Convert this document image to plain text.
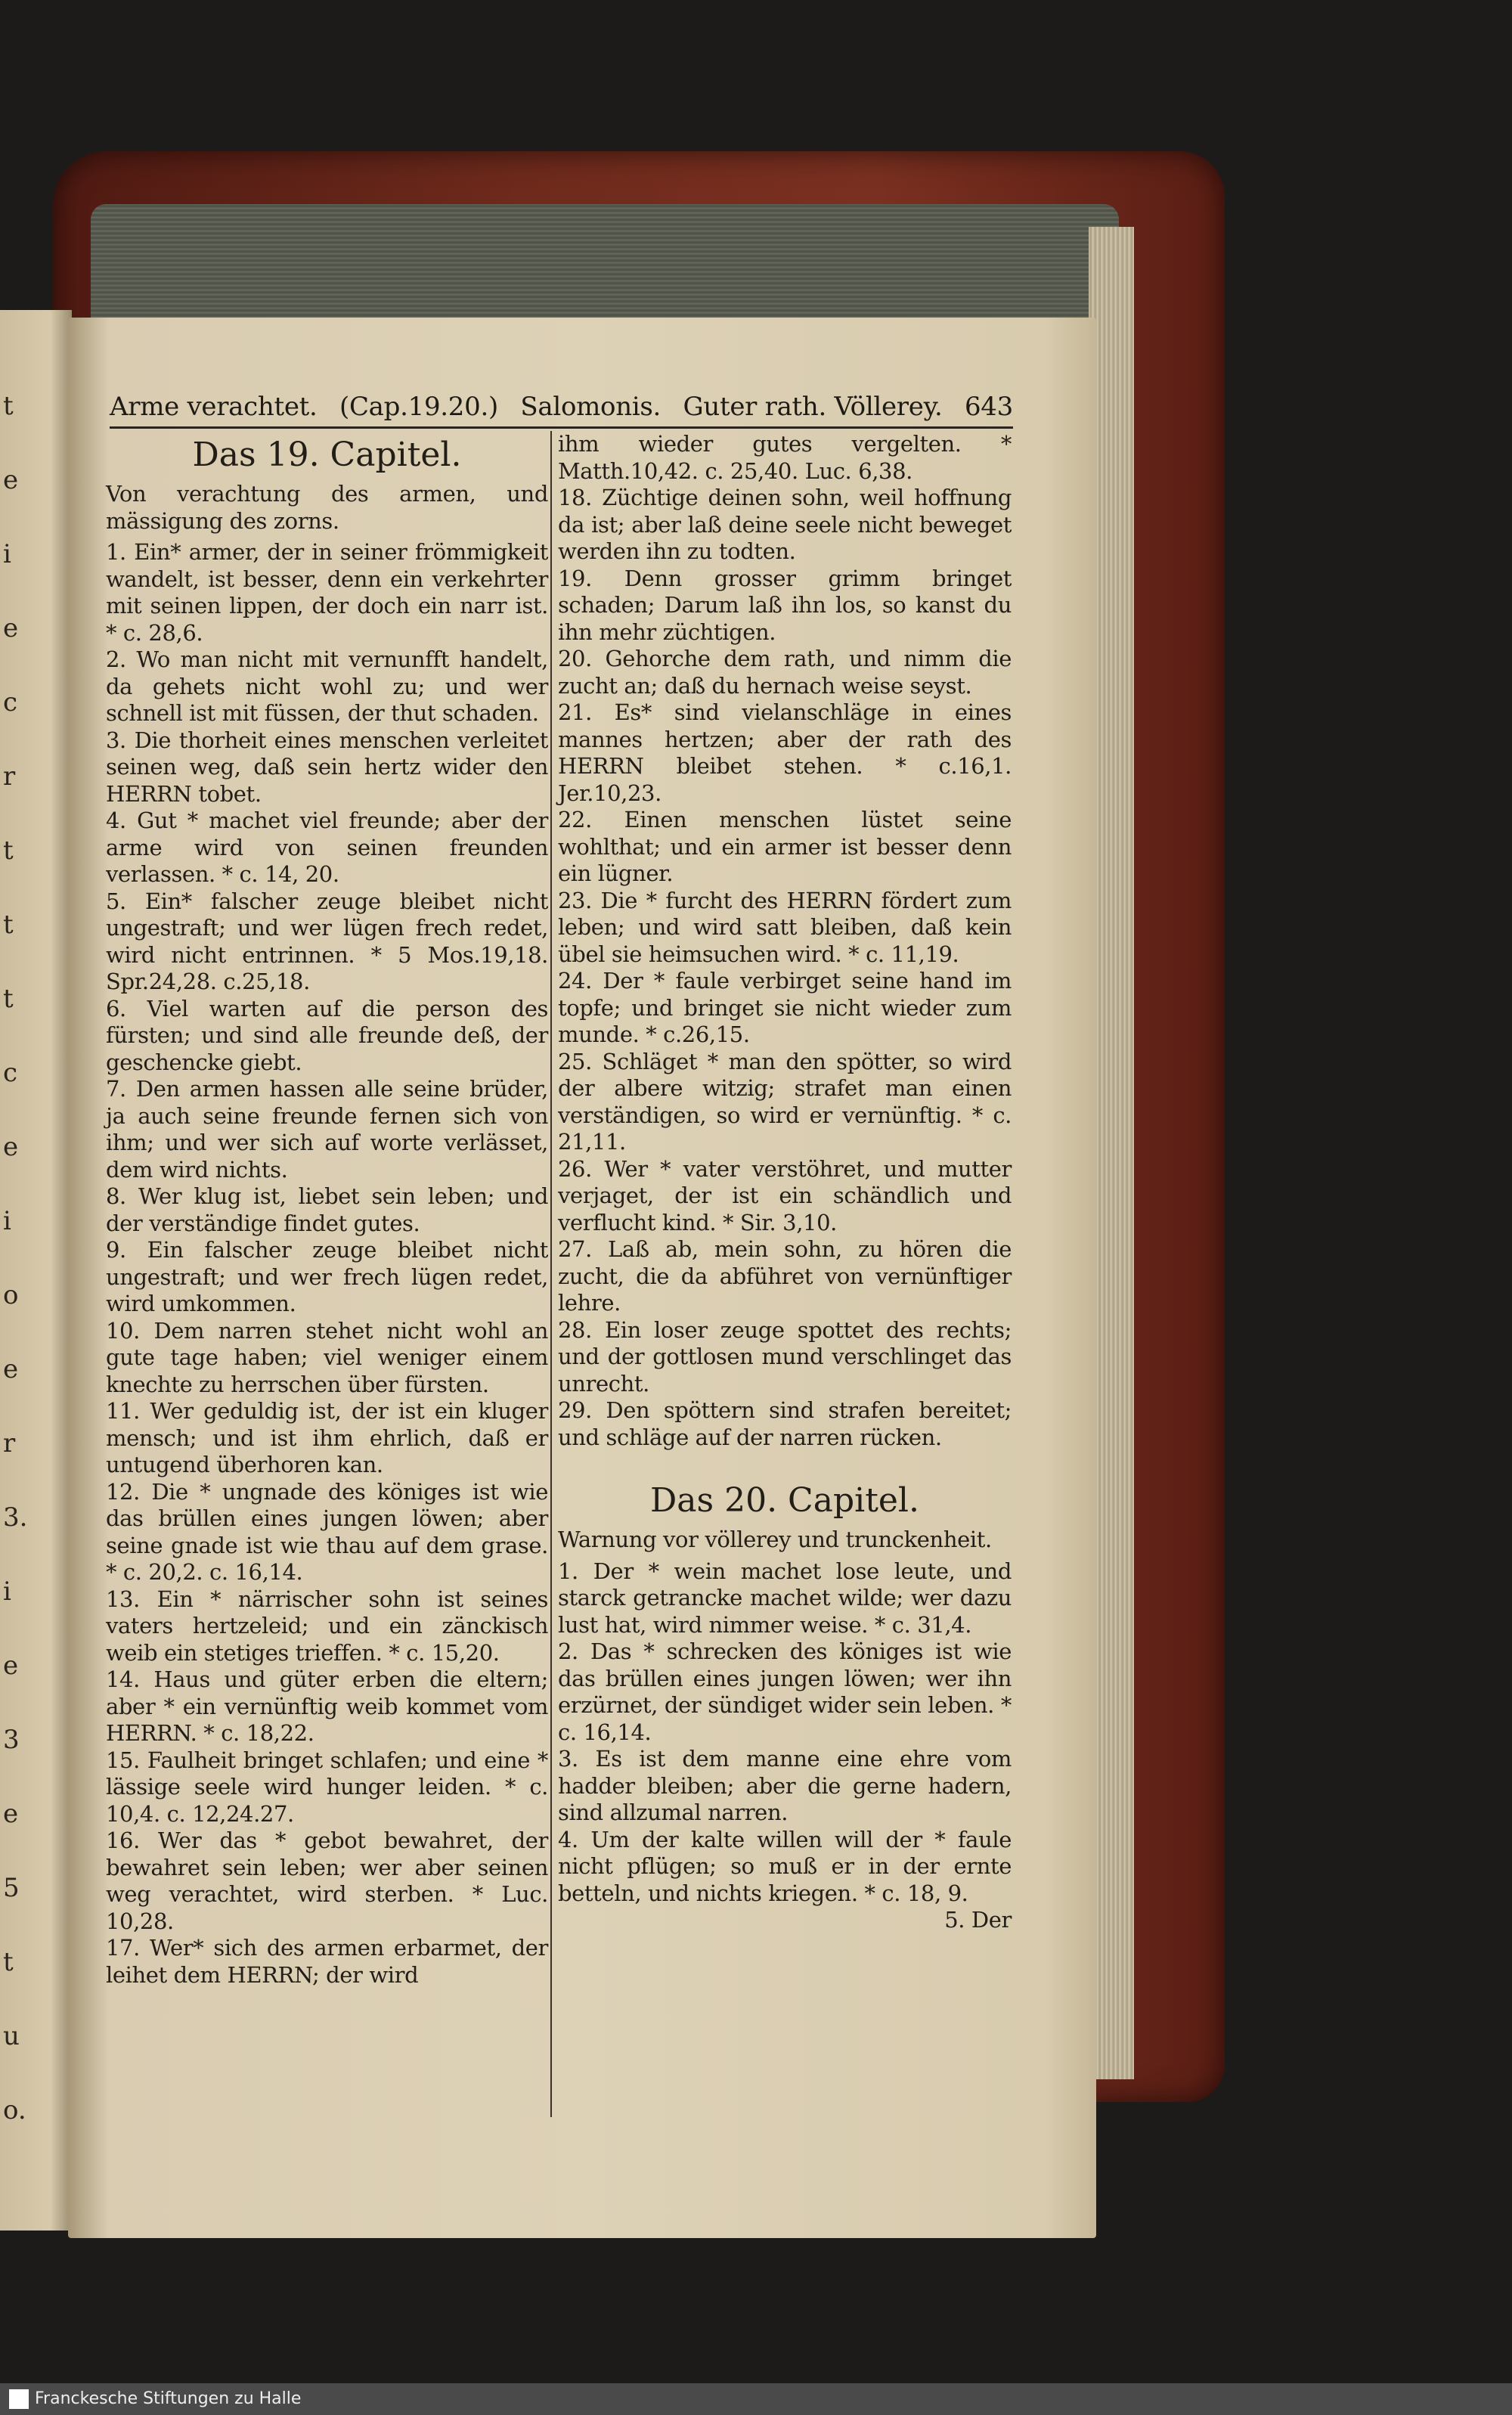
t
e
i
e
c
r
t
t
t
c
e
i
o
e
r
3.
i
e
3
e
5
t
u
o.
Arme verachtet. (Cap.19.20.) Salomonis. Guter rath. Völlerey. 643
Das 19. Capitel.

Von verachtung des armen, und mässigung des zorns.

1. Ein* armer, der in seiner frömmigkeit wandelt, ist besser, denn ein verkehrter mit seinen lippen, der doch ein narr ist. * c. 28,6.

2. Wo man nicht mit vernunfft handelt, da gehets nicht wohl zu; und wer schnell ist mit füssen, der thut schaden.

3. Die thorheit eines menschen verleitet seinen weg, daß sein hertz wider den HERRN tobet.

4. Gut * machet viel freunde; aber der arme wird von seinen freunden verlassen. * c. 14, 20.

5. Ein* falscher zeuge bleibet nicht ungestraft; und wer lügen frech redet, wird nicht entrinnen. * 5 Mos.19,18. Spr.24,28. c.25,18.

6. Viel warten auf die person des fürsten; und sind alle freunde deß, der geschencke giebt.

7. Den armen hassen alle seine brüder, ja auch seine freunde fernen sich von ihm; und wer sich auf worte verlässet, dem wird nichts.

8. Wer klug ist, liebet sein leben; und der verständige findet gutes.

9. Ein falscher zeuge bleibet nicht ungestraft; und wer frech lügen redet, wird umkommen.

10. Dem narren stehet nicht wohl an gute tage haben; viel weniger einem knechte zu herrschen über fürsten.

11. Wer geduldig ist, der ist ein kluger mensch; und ist ihm ehrlich, daß er untugend überhoren kan.

12. Die * ungnade des königes ist wie das brüllen eines jungen löwen; aber seine gnade ist wie thau auf dem grase. * c. 20,2. c. 16,14.

13. Ein * närrischer sohn ist seines vaters hertzeleid; und ein zänckisch weib ein stetiges trieffen. * c. 15,20.

14. Haus und güter erben die eltern; aber * ein vernünftig weib kommet vom HERRN. * c. 18,22.

15. Faulheit bringet schlafen; und eine * lässige seele wird hunger leiden. * c. 10,4. c. 12,24.27.

16. Wer das * gebot bewahret, der bewahret sein leben; wer aber seinen weg verachtet, wird sterben. * Luc. 10,28.

17. Wer* sich des armen erbarmet, der leihet dem HERRN; der wird

ihm wieder gutes vergelten. * Matth.10,42. c. 25,40. Luc. 6,38.

18. Züchtige deinen sohn, weil hoffnung da ist; aber laß deine seele nicht beweget werden ihn zu todten.

19. Denn grosser grimm bringet schaden; Darum laß ihn los, so kanst du ihn mehr züchtigen.

20. Gehorche dem rath, und nimm die zucht an; daß du hernach weise seyst.

21. Es* sind vielanschläge in eines mannes hertzen; aber der rath des HERRN bleibet stehen. * c.16,1. Jer.10,23.

22. Einen menschen lüstet seine wohlthat; und ein armer ist besser denn ein lügner.

23. Die * furcht des HERRN fördert zum leben; und wird satt bleiben, daß kein übel sie heimsuchen wird. * c. 11,19.

24. Der * faule verbirget seine hand im topfe; und bringet sie nicht wieder zum munde. * c.26,15.

25. Schläget * man den spötter, so wird der albere witzig; strafet man einen verständigen, so wird er vernünftig. * c. 21,11.

26. Wer * vater verstöhret, und mutter verjaget, der ist ein schändlich und verflucht kind. * Sir. 3,10.

27. Laß ab, mein sohn, zu hören die zucht, die da abführet von vernünftiger lehre.

28. Ein loser zeuge spottet des rechts; und der gottlosen mund verschlinget das unrecht.

29. Den spöttern sind strafen bereitet; und schläge auf der narren rücken.

Das 20. Capitel.

Warnung vor völlerey und trunckenheit.

1. Der * wein machet lose leute, und starck getrancke machet wilde; wer dazu lust hat, wird nimmer weise. * c. 31,4.

2. Das * schrecken des königes ist wie das brüllen eines jungen löwen; wer ihn erzürnet, der sündiget wider sein leben. * c. 16,14.

3. Es ist dem manne eine ehre vom hadder bleiben; aber die gerne hadern, sind allzumal narren.

4. Um der kalte willen will der * faule nicht pflügen; so muß er in der ernte betteln, und nichts kriegen. * c. 18, 9.

5. Der
Franckesche Stiftungen zu Halle
